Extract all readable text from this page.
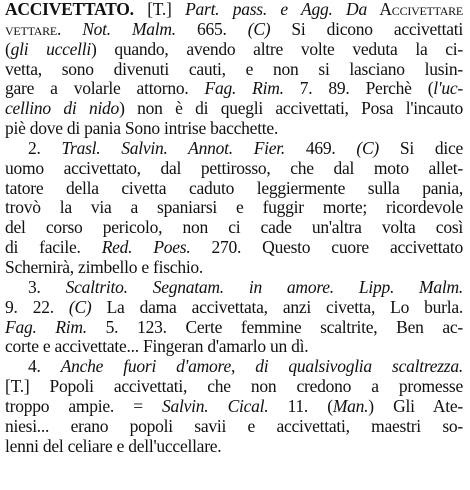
ACCIVETTATO. [T.] Part. pass. e Agg. Da Accivettare
vettare. Not. Malm. 665. (C) Si dicono accivettati
(gli uccelli) quando, avendo altre volte veduta la ci-
vetta, sono divenuti cauti, e non si lasciano lusin-
gare a volarle attorno. Fag. Rim. 7. 89. Perchè (l'uc-
cellino di nido) non è di quegli accivettati, Posa l'incauto
piè dove di pania Sono intrise bacchette.
2. Trasl. Salvin. Annot. Fier. 469. (C) Si dice
uomo accivettato, dal pettirosso, che dal moto allet-
tatore della civetta caduto leggiermente sulla pania,
trovò la via a spaniarsi e fuggir morte; ricordevole
del corso pericolo, non ci cade un'altra volta così
di facile. Red. Poes. 270. Questo cuore accivettato
Schernirà, zimbello e fischio.
3. Scaltrito. Segnatam. in amore. Lipp. Malm.
9. 22. (C) La dama accivettata, anzi civetta, Lo burla.
Fag. Rim. 5. 123. Certe femmine scaltrite, Ben ac-
corte e accivettate... Fingeran d'amarlo un dì.
4. Anche fuori d'amore, di qualsivoglia scaltrezza.
[T.] Popoli accivettati, che non credono a promesse
troppo ampie. = Salvin. Cical. 11. (Man.) Gli Ate-
niesi... erano popoli savii e accivettati, maestri so-
lenni del celiare e dell'uccellare.
